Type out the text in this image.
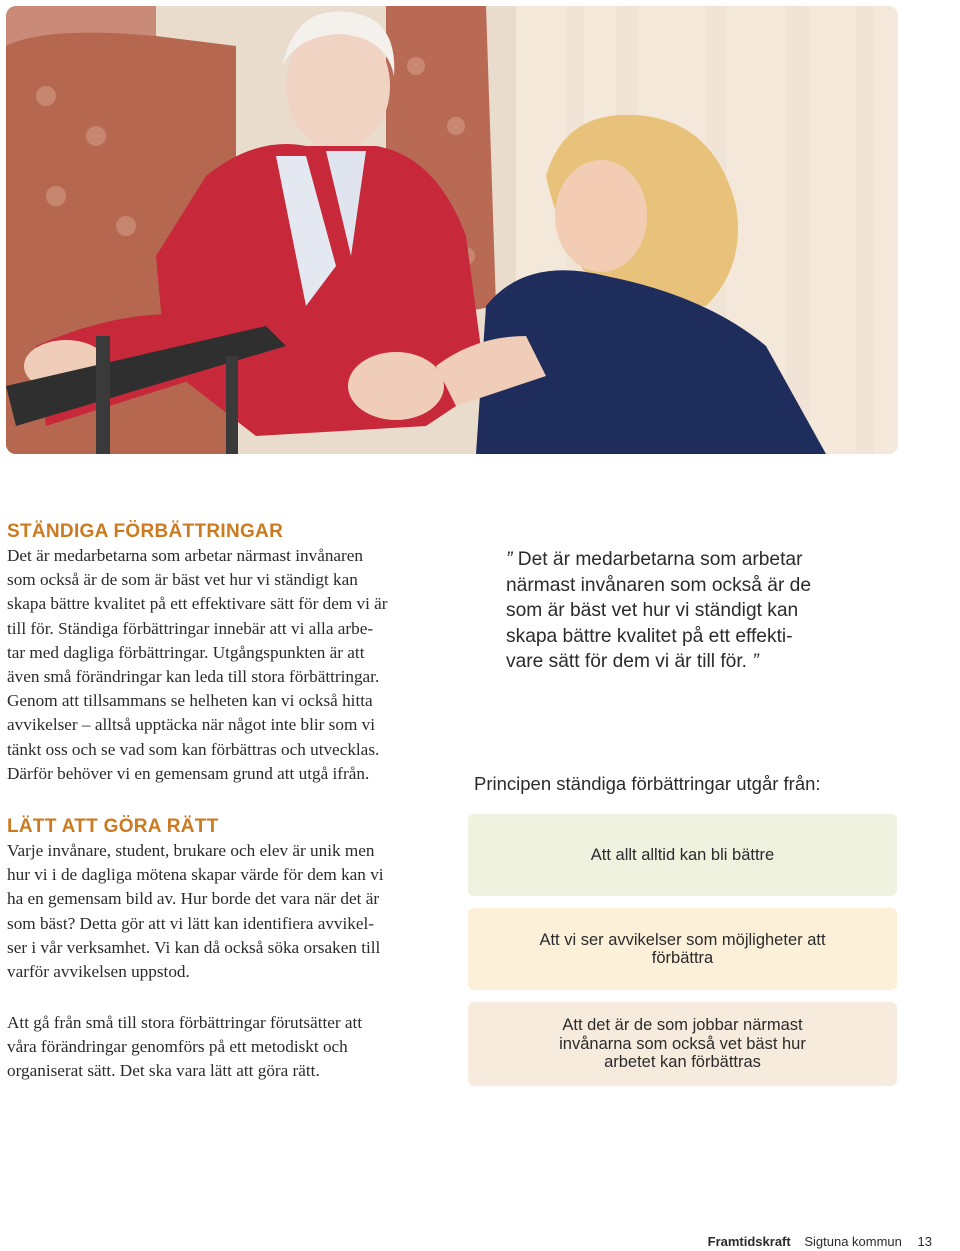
STÄNDIGA FÖRBÄTTRINGAR

Det är medarbetarna som arbetar närmast invånaren
som också är de som är bäst vet hur vi ständigt kan
skapa bättre kvalitet på ett effektivare sätt för dem vi är
till för. Ständiga förbättringar innebär att vi alla arbe-
tar med dagliga förbättringar. Utgångspunkten är att
även små förändringar kan leda till stora förbättringar.
Genom att tillsammans se helheten kan vi också hitta
avvikelser – alltså upptäcka när något inte blir som vi
tänkt oss och se vad som kan förbättras och utvecklas.
Därför behöver vi en gemensam grund att utgå ifrån.

LÄTT ATT GÖRA RÄTT

Varje invånare, student, brukare och elev är unik men
hur vi i de dagliga mötena skapar värde för dem kan vi
ha en gemensam bild av. Hur borde det vara när det är
som bäst? Detta gör att vi lätt kan identifiera avvikel-
ser i vår verksamhet. Vi kan då också söka orsaken till
varför avvikelsen uppstod.

Att gå från små till stora förbättringar förutsätter att
våra förändringar genomförs på ett metodiskt och
organiserat sätt. Det ska vara lätt att göra rätt.

” Det är medarbetarna som arbetar
närmast invånaren som också är de
som är bäst vet hur vi ständigt kan
skapa bättre kvalitet på ett effekti-
vare sätt för dem vi är till för. ”

Principen ständiga förbättringar utgår från:

Att allt alltid kan bli bättre
Att vi ser avvikelser som möjligheter att förbättra
Att det är de som jobbar närmast invånarna som också vet bäst hur arbetet kan förbättras
Framtidskraft Sigtuna kommun 13
